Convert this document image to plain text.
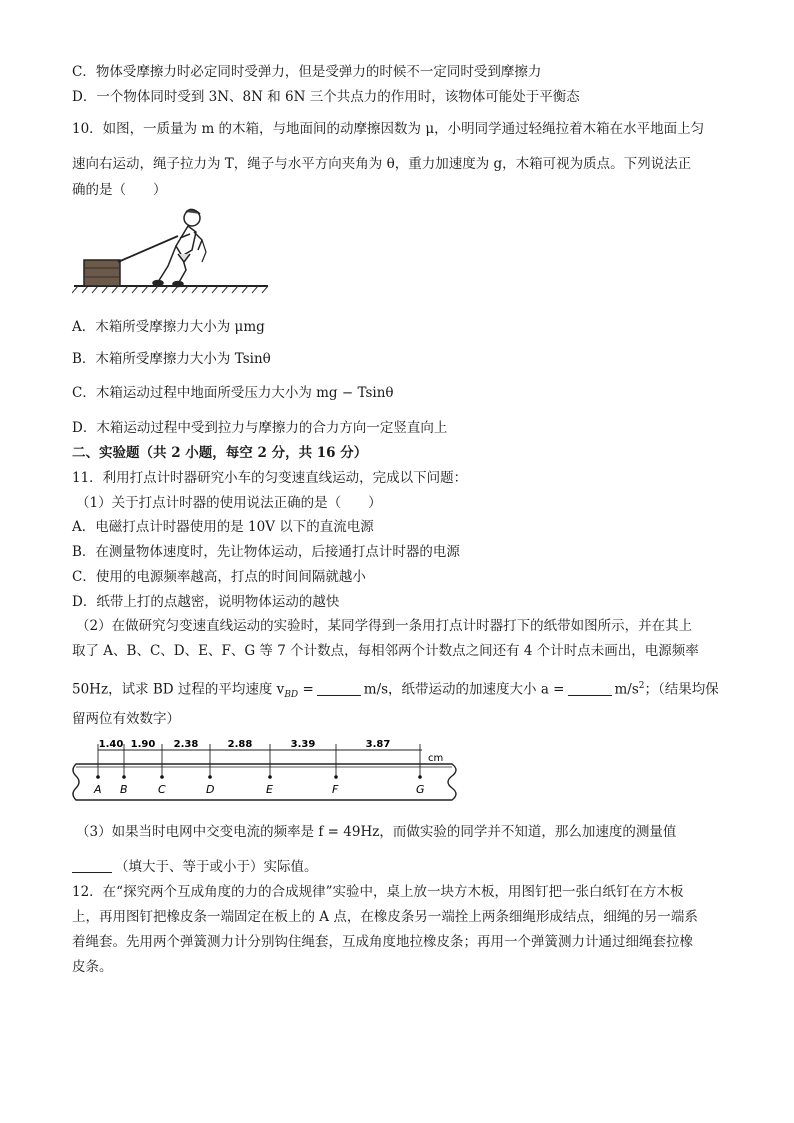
C．物体受摩擦力时必定同时受弹力，但是受弹力的时候不一定同时受到摩擦力
D．一个物体同时受到 3N、8N 和 6N 三个共点力的作用时，该物体可能处于平衡态
10．如图，一质量为 m 的木箱，与地面间的动摩擦因数为 μ，小明同学通过轻绳拉着木箱在水平地面上匀
速向右运动，绳子拉力为 T，绳子与水平方向夹角为 θ，重力加速度为 g，木箱可视为质点。下列说法正
确的是（　　）
A．木箱所受摩擦力大小为 μmg
B．木箱所受摩擦力大小为 Tsinθ
C．木箱运动过程中地面所受压力大小为 mg − Tsinθ
D．木箱运动过程中受到拉力与摩擦力的合力方向一定竖直向上
二、实验题（共 2 小题，每空 2 分，共 16 分）
11．利用打点计时器研究小车的匀变速直线运动，完成以下问题：
（1）关于打点计时器的使用说法正确的是（　　）
A．电磁打点计时器使用的是 10V 以下的直流电源
B．在测量物体速度时，先让物体运动，后接通打点计时器的电源
C．使用的电源频率越高，打点的时间间隔就越小
D．纸带上打的点越密，说明物体运动的越快
（2）在做研究匀变速直线运动的实验时，某同学得到一条用打点计时器打下的纸带如图所示，并在其上
取了 A、B、C、D、E、F、G 等 7 个计数点，每相邻两个计数点之间还有 4 个计时点未画出，电源频率
50Hz，试求 BD 过程的平均速度 $v_{BD}$ =	m/s，纸带运动的加速度大小 a =	$m/s^2$；（结果均保
留两位有效数字）
A B	C	D	E	F	G
1.40 1.90 2.38	2.88	3.39	3.87
cm
（3）如果当时电网中交变电流的频率是 f = 49Hz，而做实验的同学并不知道，那么加速度的测量值
（填大于、等于或小于）实际值。
12．在“探究两个互成角度的力的合成规律”实验中，桌上放一块方木板，用图钉把一张白纸钉在方木板
上，再用图钉把橡皮条一端固定在板上的 A 点，在橡皮条另一端拴上两条细绳形成结点，细绳的另一端系
着绳套。先用两个弹簧测力计分别钩住绳套，互成角度地拉橡皮条；再用一个弹簧测力计通过细绳套拉橡
皮条。
